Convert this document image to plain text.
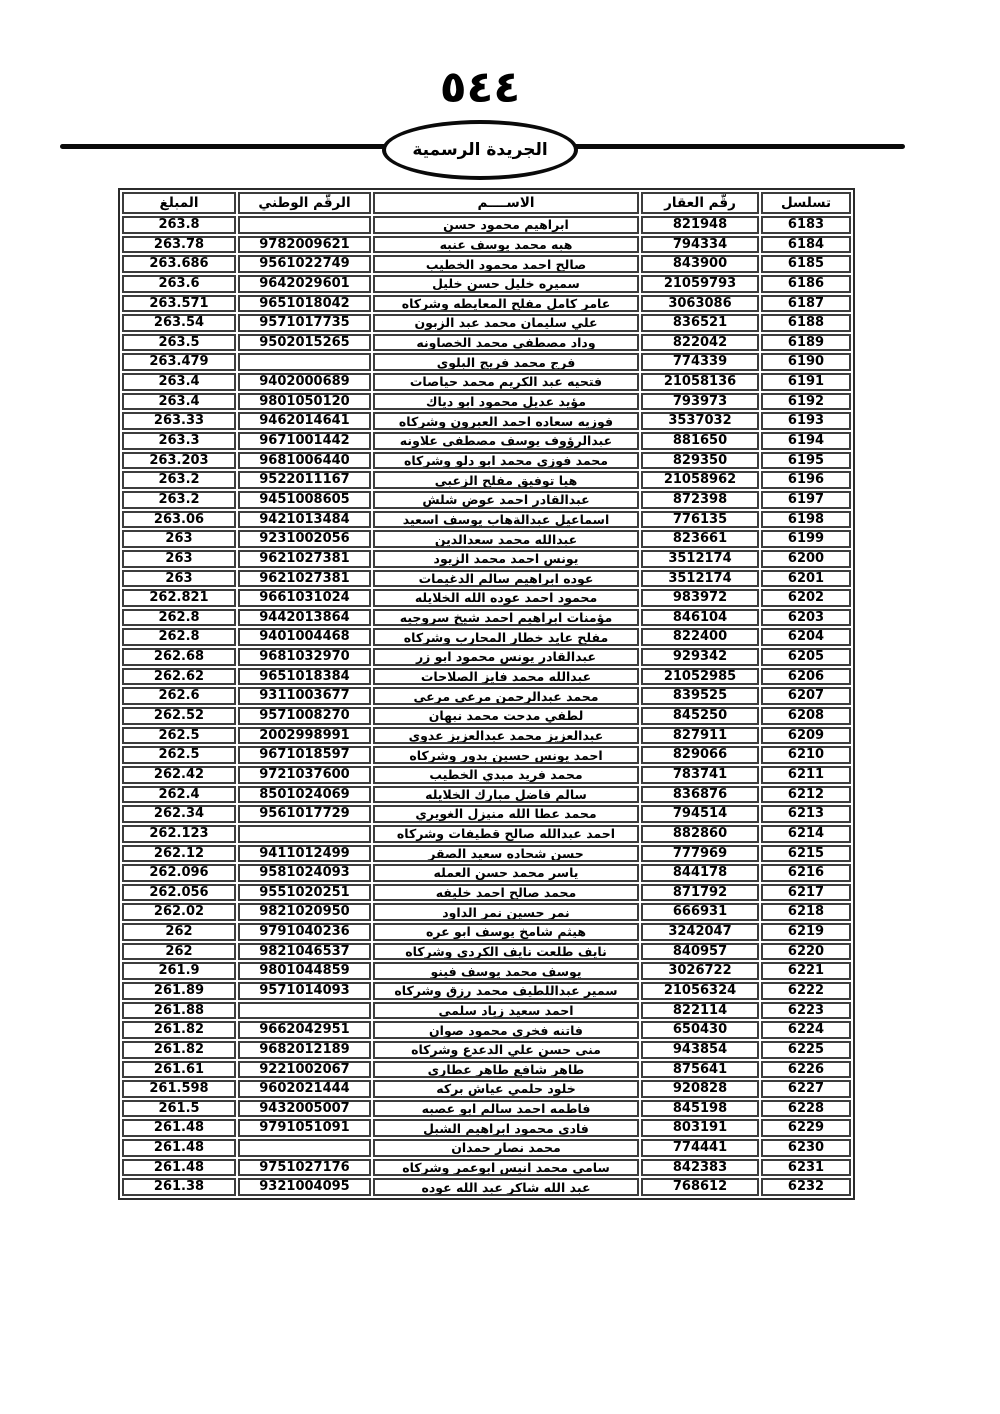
٥٤٤
الجريدة الرسمية
تسلسل	رقّم العقار	الاســــم	الرقّم الوطني	المبلغ
6183	821948	ابراهيم محمود حسن		263.8
6184	794334	هبه محمد يوسف عنبه	9782009621	263.78
6185	843900	صالح احمد محمود الخطيب	9561022749	263.686
6186	21059793	سميره خليل حسن خليل	9642029601	263.6
6187	3063086	عامر كامل مفلح المعايطه وشركاه	9651018042	263.571
6188	836521	علي سليمان محمد عبد الزبون	9571017735	263.54
6189	822042	وداد مصطفى محمد الخصاونه	9502015265	263.5
6190	774339	فرج محمد فريج البلوي		263.479
6191	21058136	فتحيه عبد الكريم محمد حياصات	9402000689	263.4
6192	793973	مؤيد عديل محمود ابو دياك	9801050120	263.4
6193	3537032	فوزيه سعاده احمد العبرون وشركاه	9462014641	263.33
6194	881650	عبدالرؤوف يوسف مصطفى علاونه	9671001442	263.3
6195	829350	محمد فوزي محمد ابو دلو وشركاه	9681006440	263.203
6196	21058962	هيا توفيق مفلح الزعبي	9522011167	263.2
6197	872398	عبدالقادر احمد عوض شلش	9451008605	263.2
6198	776135	اسماعيل عبدالةهاب يوسف اسعيد	9421013484	263.06
6199	823661	عبدالله محمد سعدالدين	9231002056	263
6200	3512174	يونس احمد محمد الزيود	9621027381	263
6201	3512174	عوده ابراهيم سالم الدغيمات	9621027381	263
6202	983972	محمود احمد عوده الله الخلايله	9661031024	262.821
6203	846104	مؤمنات ابراهيم احمد شيخ سروجيه	9442013864	262.8
6204	822400	مفلح عايد خطار المحارب وشركاه	9401004468	262.8
6205	929342	عبدالقادر يونس محمود ابو زر	9681032970	262.68
6206	21052985	عبدالله محمد فايز الصلاحات	9651018384	262.62
6207	839525	محمد عبدالرحمن مرعي مرعي	9311003677	262.6
6208	845250	لطفي مدحت محمد نبهان	9571008270	262.52
6209	827911	عبدالعزيز محمد عبدالعزيز عدوي	2002998991	262.5
6210	829066	احمد يونس حسين بدور وشركاه	9671018597	262.5
6211	783741	محمد فريد مبدي الخطيب	9721037600	262.42
6212	836876	سالم فاضل مبارك الخلايله	8501024069	262.4
6213	794514	محمد عطا الله منيزل الغويري	9561017729	262.34
6214	882860	احمد عبدالله صالح قطيفات وشركاه		262.123
6215	777969	حسن شحاده سعيد الصقر	9411012499	262.12
6216	844178	ياسر محمد حسن العمله	9581024093	262.096
6217	871792	محمد صالح احمد خليفه	9551020251	262.056
6218	666931	نمر حسين نمر الداود	9821020950	262.02
6219	3242047	هيثم شامخ يوسف ابو عره	9791040236	262
6220	840957	نايف طلعت نايف الكردي وشركاه	9821046537	262
6221	3026722	يوسف محمد يوسف فينو	9801044859	261.9
6222	21056324	سمير عبداللطيف محمد رزق وشركاه	9571014093	261.89
6223	822114	احمد سعيد زياد سلمي		261.88
6224	650430	فاتنه فخري محمود صوان	9662042951	261.82
6225	943854	منى حسن علي الدعدع وشركاه	9682012189	261.82
6226	875641	طاهر شافع طاهر عطاري	9221002067	261.61
6227	920828	خلود حلمي عياش بركه	9602021444	261.598
6228	845198	فاطمه احمد سالم ابو عصبه	9432005007	261.5
6229	803191	فادي محمود ابراهيم الشبل	9791051091	261.48
6230	774441	محمد نصار حمدان		261.48
6231	842383	سامي محمد انيس ابوعمر وشركاه	9751027176	261.48
6232	768612	عبد الله شاكر عبد الله عوده	9321004095	261.38
